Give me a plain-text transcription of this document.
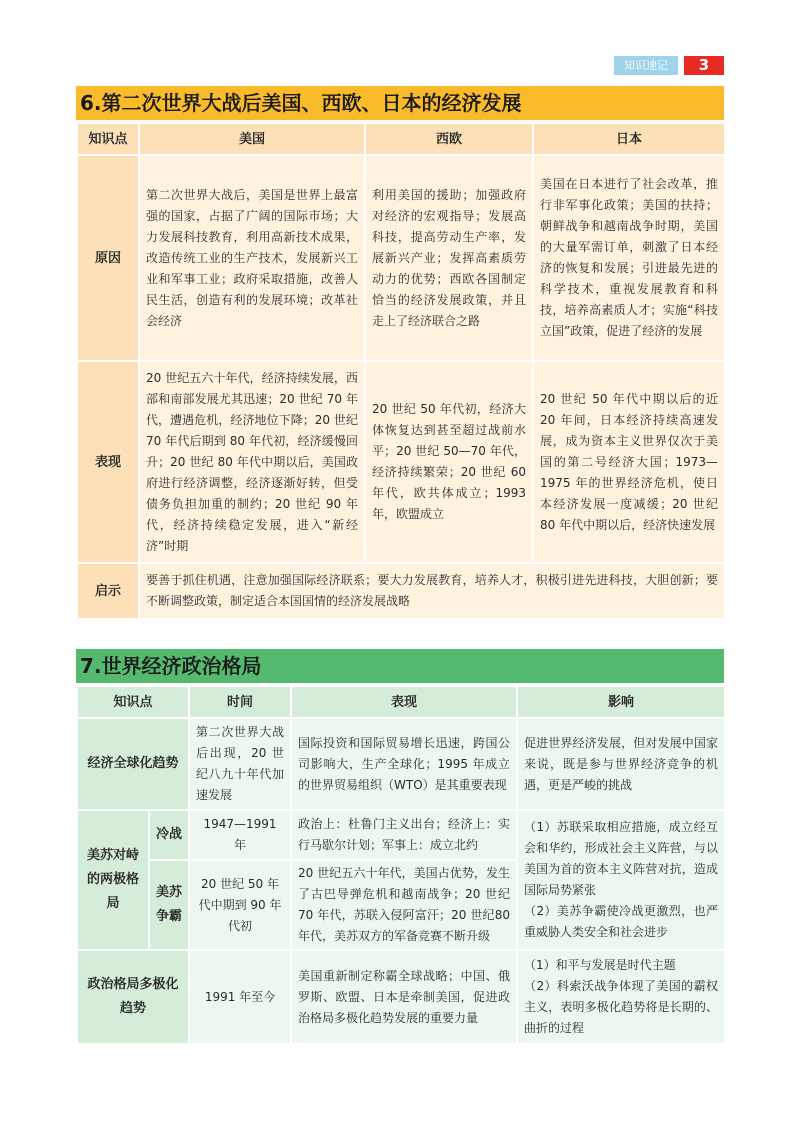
知识速记	3
6.第二次世界大战后美国、西欧、日本的经济发展
知识点	美国	西欧	日本
原因	第二次世界大战后，美国是世界上最富强的国家，占据了广阔的国际市场；大力发展科技教育，利用高新技术成果，改造传统工业的生产技术，发展新兴工业和军事工业；政府采取措施，改善人民生活，创造有利的发展环境；改革社会经济	利用美国的援助；加强政府对经济的宏观指导；发展高科技，提高劳动生产率，发展新兴产业；发挥高素质劳动力的优势；西欧各国制定恰当的经济发展政策，并且走上了经济联合之路	美国在日本进行了社会改革，推行非军事化政策；美国的扶持；朝鲜战争和越南战争时期，美国的大量军需订单，刺激了日本经济的恢复和发展；引进最先进的科学技术，重视发展教育和科技，培养高素质人才；实施“科技立国”政策，促进了经济的发展
表现	20 世纪五六十年代，经济持续发展，西部和南部发展尤其迅速；20 世纪 70 年代，遭遇危机，经济地位下降；20 世纪 70 年代后期到 80 年代初，经济缓慢回升；20 世纪 80 年代中期以后，美国政府进行经济调整，经济逐渐好转，但受债务负担加重的制约；20 世纪 90 年代，经济持续稳定发展，进入“新经济”时期	20 世纪 50 年代初，经济大体恢复达到甚至超过战前水平；20 世纪 50—70 年代，经济持续繁荣；20 世纪 60 年代，欧共体成立；1993 年，欧盟成立	20 世纪 50 年代中期以后的近 20 年间，日本经济持续高速发展，成为资本主义世界仅次于美国的第二号经济大国；1973—1975 年的世界经济危机，使日本经济发展一度减缓；20 世纪 80 年代中期以后，经济快速发展
启示	要善于抓住机遇，注意加强国际经济联系；要大力发展教育，培养人才，积极引进先进科技，大胆创新；要不断调整政策，制定适合本国国情的经济发展战略		
7.世界经济政治格局
知识点		时间	表现	影响
经济全球化趋势		第二次世界大战后出现，20 世纪八九十年代加速发展	国际投资和国际贸易增长迅速，跨国公司影响大，生产全球化；1995 年成立的世界贸易组织（WTO）是其重要表现	促进世界经济发展，但对发展中国家来说，既是参与世界经济竞争的机遇，更是严峻的挑战
美苏对峙的两极格局	冷战	1947—1991 年	政治上：杜鲁门主义出台；经济上：实行马歇尔计划；军事上：成立北约	（1）苏联采取相应措施，成立经互会和华约，形成社会主义阵营，与以美国为首的资本主义阵营对抗，造成国际局势紧张
（2）美苏争霸使冷战更激烈，也严重威胁人类安全和社会进步

	美苏争霸	20 世纪 50 年代中期到 90 年代初	20 世纪五六十年代，美国占优势，发生了古巴导弹危机和越南战争；20 世纪 70 年代，苏联入侵阿富汗；20 世纪80 年代，美苏双方的军备竞赛不断升级	
政治格局多极化趋势		1991 年至今	美国重新制定称霸全球战略；中国、俄罗斯、欧盟、日本是牵制美国，促进政治格局多极化趋势发展的重要力量	（1）和平与发展是时代主题
（2）科索沃战争体现了美国的霸权主义，表明多极化趋势将是长期的、曲折的过程
